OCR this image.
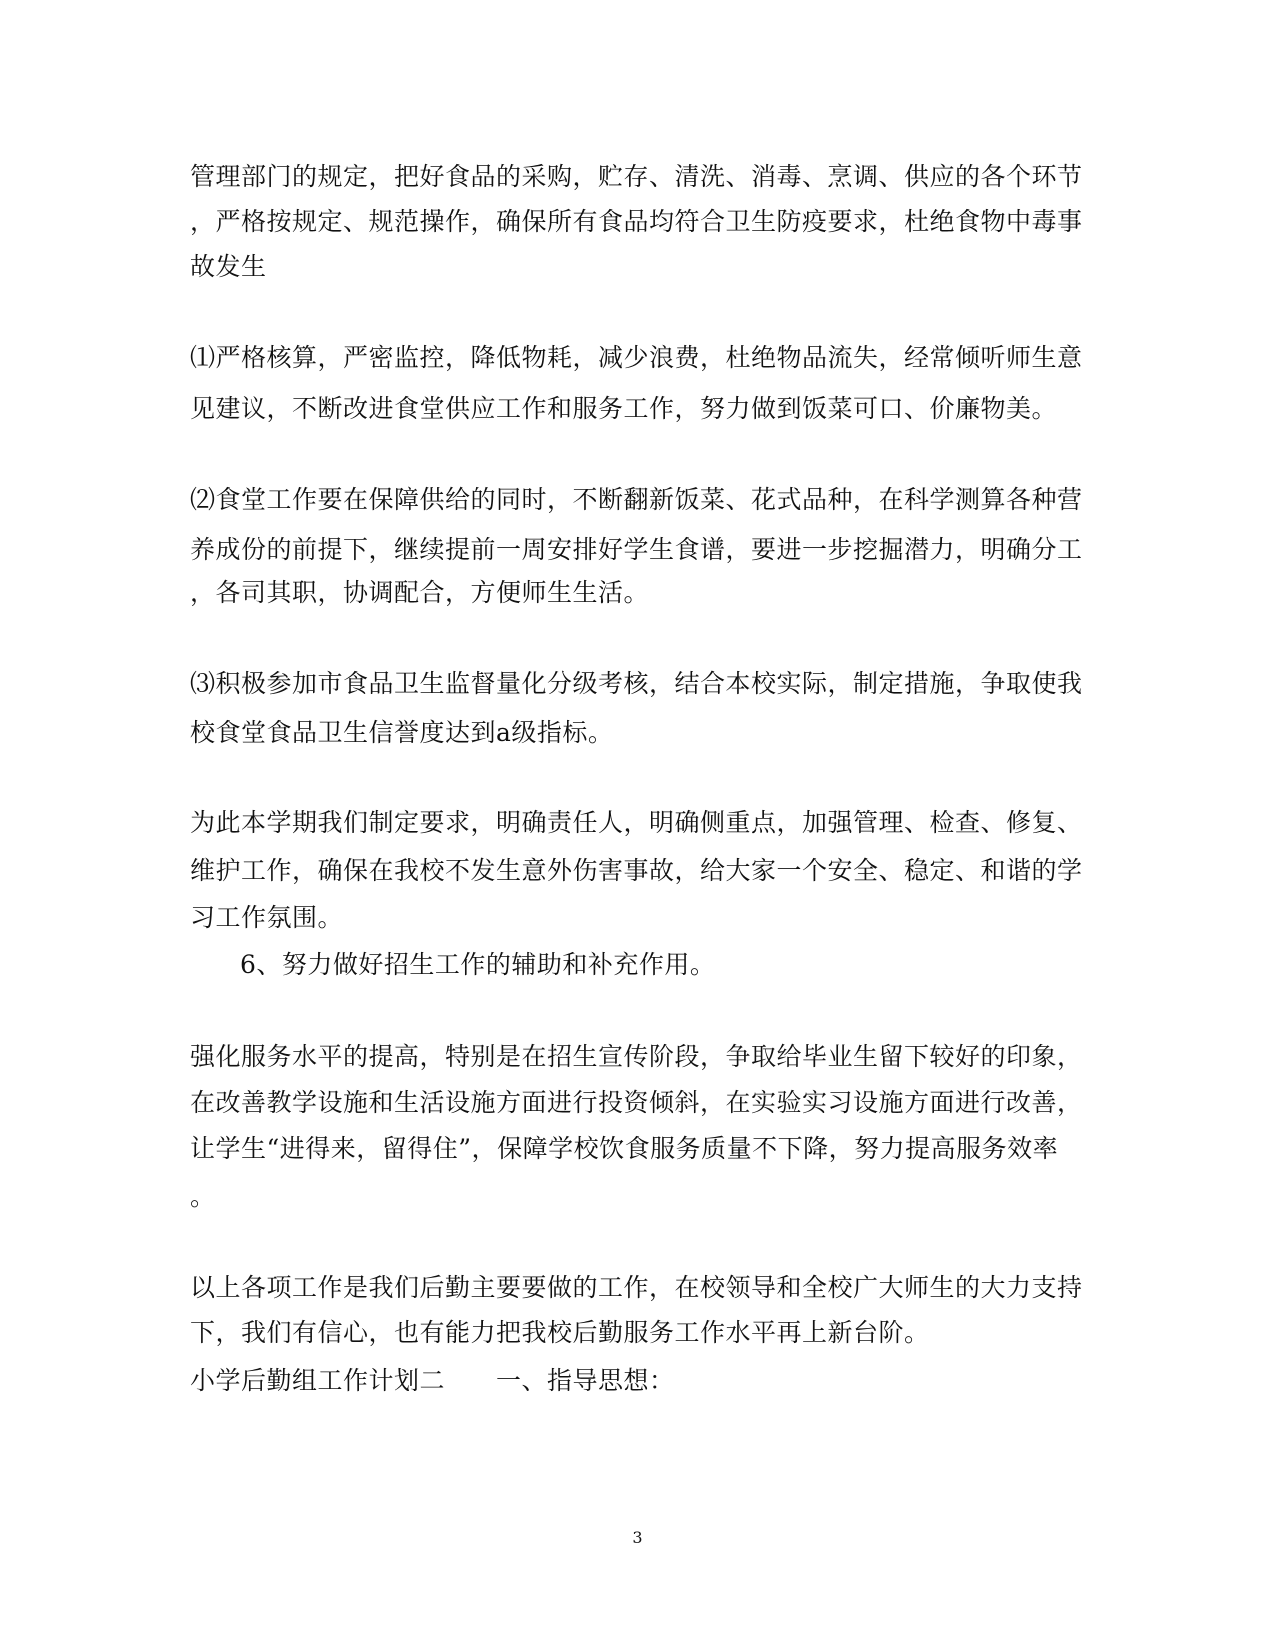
管理部门的规定，把好食品的采购，贮存、清洗、消毒、烹调、供应的各个环节
，严格按规定、规范操作，确保所有食品均符合卫生防疫要求，杜绝食物中毒事
故发生
⑴严格核算，严密监控，降低物耗，减少浪费，杜绝物品流失，经常倾听师生意
见建议，不断改进食堂供应工作和服务工作，努力做到饭菜可口、价廉物美。
⑵食堂工作要在保障供给的同时，不断翻新饭菜、花式品种，在科学测算各种营
养成份的前提下，继续提前一周安排好学生食谱，要进一步挖掘潜力，明确分工
，各司其职，协调配合，方便师生生活。
⑶积极参加市食品卫生监督量化分级考核，结合本校实际，制定措施，争取使我
校食堂食品卫生信誉度达到a级指标。
为此本学期我们制定要求，明确责任人，明确侧重点，加强管理、检查、修复、
维护工作，确保在我校不发生意外伤害事故，给大家一个安全、稳定、和谐的学
习工作氛围。
6、努力做好招生工作的辅助和补充作用。
强化服务水平的提高，特别是在招生宣传阶段，争取给毕业生留下较好的印象，
在改善教学设施和生活设施方面进行投资倾斜，在实验实习设施方面进行改善，
让学生“进得来，留得住”，保障学校饮食服务质量不下降，努力提高服务效率
。
以上各项工作是我们后勤主要要做的工作，在校领导和全校广大师生的大力支持
下，我们有信心，也有能力把我校后勤服务工作水平再上新台阶。
小学后勤组工作计划二　　一、指导思想：
3
